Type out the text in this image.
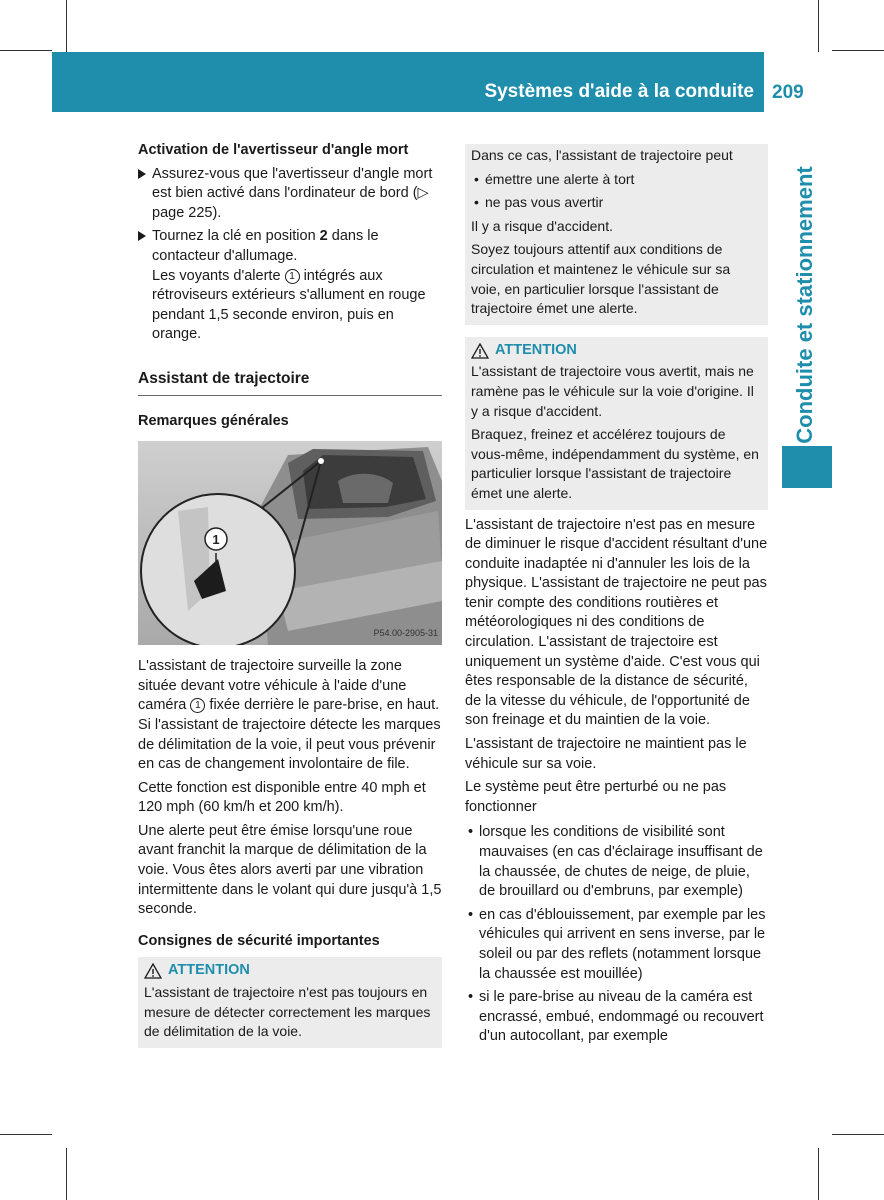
Systèmes d'aide à la conduite 209
Conduite et stationnement

Activation de l'avertisseur d'angle mort

Assurez-vous que l'avertisseur d'angle mort est bien activé dans l'ordinateur de bord (▷ page 225).
Tournez la clé en position 2 dans le contacteur d'allumage.
Les voyants d'alerte 1 intégrés aux rétroviseurs extérieurs s'allument en rouge pendant 1,5 seconde environ, puis en orange.
Assistant de trajectoire

Remarques générales

1
P54.00-2905-31

L'assistant de trajectoire surveille la zone située devant votre véhicule à l'aide d'une caméra 1 fixée derrière le pare-brise, en haut. Si l'assistant de trajectoire détecte les marques de délimitation de la voie, il peut vous prévenir en cas de changement involontaire de file.

Cette fonction est disponible entre 40 mph et 120 mph (60 km/h et 200 km/h).

Une alerte peut être émise lorsqu'une roue avant franchit la marque de délimitation de la voie. Vous êtes alors averti par une vibration intermittente dans le volant qui dure jusqu'à 1,5 seconde.

Consignes de sécurité importantes

ATTENTION

L'assistant de trajectoire n'est pas toujours en mesure de détecter correctement les marques de délimitation de la voie.

Dans ce cas, l'assistant de trajectoire peut

• émettre une alerte à tort
• ne pas vous avertir

Il y a risque d'accident.

Soyez toujours attentif aux conditions de circulation et maintenez le véhicule sur sa voie, en particulier lorsque l'assistant de trajectoire émet une alerte.

ATTENTION

L'assistant de trajectoire vous avertit, mais ne ramène pas le véhicule sur la voie d'origine. Il y a risque d'accident.

Braquez, freinez et accélérez toujours de vous-même, indépendamment du système, en particulier lorsque l'assistant de trajectoire émet une alerte.

L'assistant de trajectoire n'est pas en mesure de diminuer le risque d'accident résultant d'une conduite inadaptée ni d'annuler les lois de la physique. L'assistant de trajectoire ne peut pas tenir compte des conditions routières et météorologiques ni des conditions de circulation. L'assistant de trajectoire est uniquement un système d'aide. C'est vous qui êtes responsable de la distance de sécurité, de la vitesse du véhicule, de l'opportunité de son freinage et du maintien de la voie.

L'assistant de trajectoire ne maintient pas le véhicule sur sa voie.

Le système peut être perturbé ou ne pas fonctionner

• lorsque les conditions de visibilité sont mauvaises (en cas d'éclairage insuffisant de la chaussée, de chutes de neige, de pluie, de brouillard ou d'embruns, par exemple)
• en cas d'éblouissement, par exemple par les véhicules qui arrivent en sens inverse, par le soleil ou par des reflets (notamment lorsque la chaussée est mouillée)
• si le pare-brise au niveau de la caméra est encrassé, embué, endommagé ou recouvert d'un autocollant, par exemple
